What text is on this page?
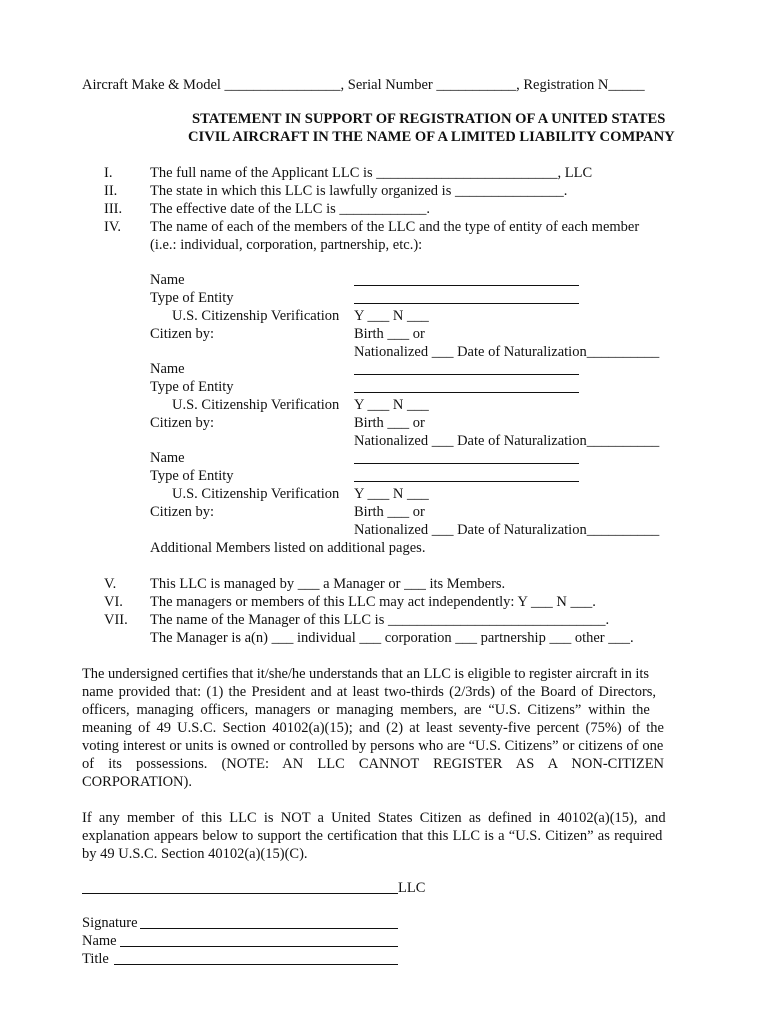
Aircraft Make & Model ________________, Serial Number ___________, Registration N_____
STATEMENT IN SUPPORT OF REGISTRATION OF A UNITED STATES
CIVIL AIRCRAFT IN THE NAME OF A LIMITED LIABILITY COMPANY
I.	The full name of the Applicant LLC is _________________________, LLC
II.	The state in which this LLC is lawfully organized is _______________.
III.	The effective date of the LLC is ____________.
IV.	The name of each of the members of the LLC and the type of entity of each member
(i.e.: individual, corporation, partnership, etc.):
Name
Type of Entity
U.S. Citizenship Verification Y ___ N ___
Citizen by:	Birth ___ or
Nationalized ___ Date of Naturalization__________
Name
Type of Entity
U.S. Citizenship Verification Y ___ N ___
Citizen by:	Birth ___ or
Nationalized ___ Date of Naturalization__________
Name
Type of Entity
U.S. Citizenship Verification Y ___ N ___
Citizen by:	Birth ___ or
Nationalized ___ Date of Naturalization__________
Additional Members listed on additional pages.
V.	This LLC is managed by ___ a Manager or ___ its Members.
VI.	The managers or members of this LLC may act independently: Y ___ N ___.
VII.	The name of the Manager of this LLC is ______________________________.
The Manager is a(n) ___ individual ___ corporation ___ partnership ___ other ___.
The undersigned certifies that it/she/he understands that an LLC is eligible to register aircraft in its
name provided that: (1) the President and at least two-thirds (2/3rds) of the Board of Directors,
officers, managing officers, managers or managing members, are “U.S. Citizens” within the
meaning of 49 U.S.C. Section 40102(a)(15); and (2) at least seventy-five percent (75%) of the
voting interest or units is owned or controlled by persons who are “U.S. Citizens” or citizens of one
of its possessions. (NOTE: AN LLC CANNOT REGISTER AS A NON-CITIZEN
CORPORATION).
If any member of this LLC is NOT a United States Citizen as defined in 40102(a)(15), and
explanation appears below to support the certification that this LLC is a “U.S. Citizen” as required
by 49 U.S.C. Section 40102(a)(15)(C).
LLC
Signature
Name
Title
